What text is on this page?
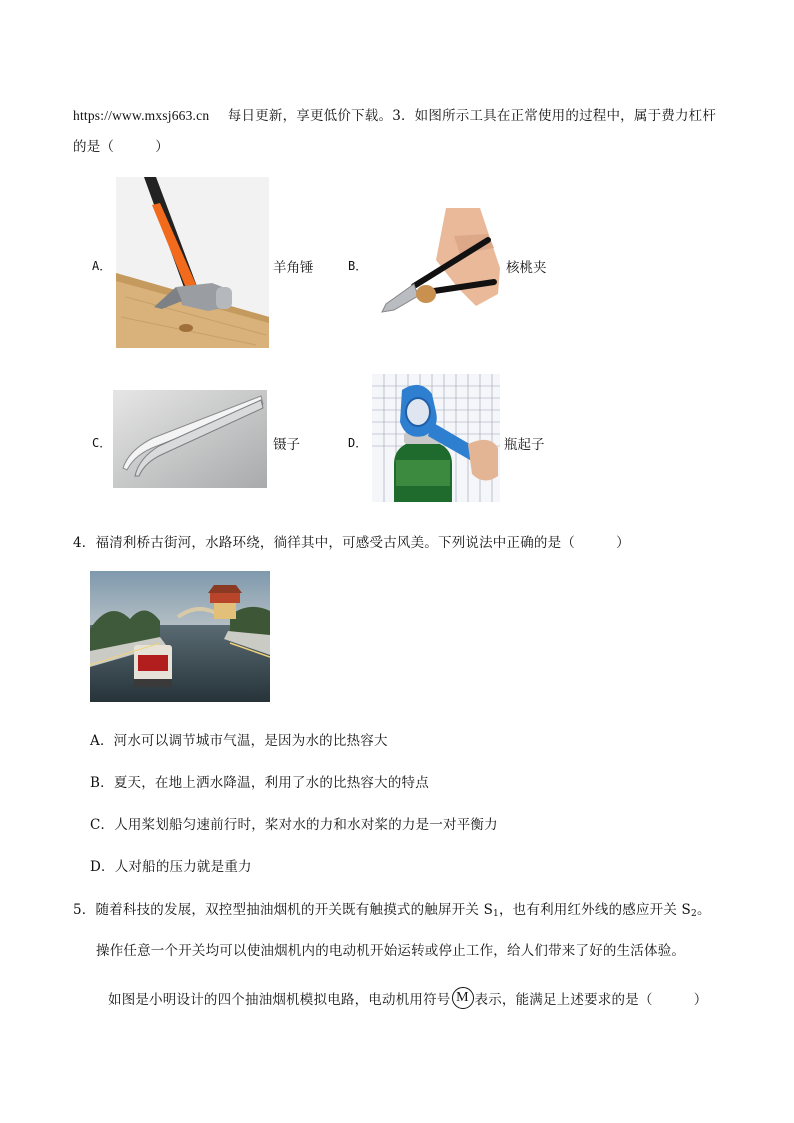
https://www.mxsj663.cn 每日更新，享更低价下载。3．如图所示工具在正常使用的过程中，属于费力杠杆
的是（　　　）
A．	羊角锤	B．	核桃夹
C．	镊子	D．	瓶起子
4．福清利桥古街河，水路环绕，徜徉其中，可感受古风美。下列说法中正确的是（　　　）
A．河水可以调节城市气温，是因为水的比热容大
B．夏天，在地上洒水降温，利用了水的比热容大的特点
C．人用桨划船匀速前行时，桨对水的力和水对桨的力是一对平衡力
D．人对船的压力就是重力
5．随着科技的发展，双控型抽油烟机的开关既有触摸式的触屏开关 $S_1$，也有利用红外线的感应开关 $S_2$。
操作任意一个开关均可以使油烟机内的电动机开始运转或停止工作，给人们带来了好的生活体验。
如图是小明设计的四个抽油烟机模拟电路，电动机用符号 M 表示，能满足上述要求的是（　　　）
